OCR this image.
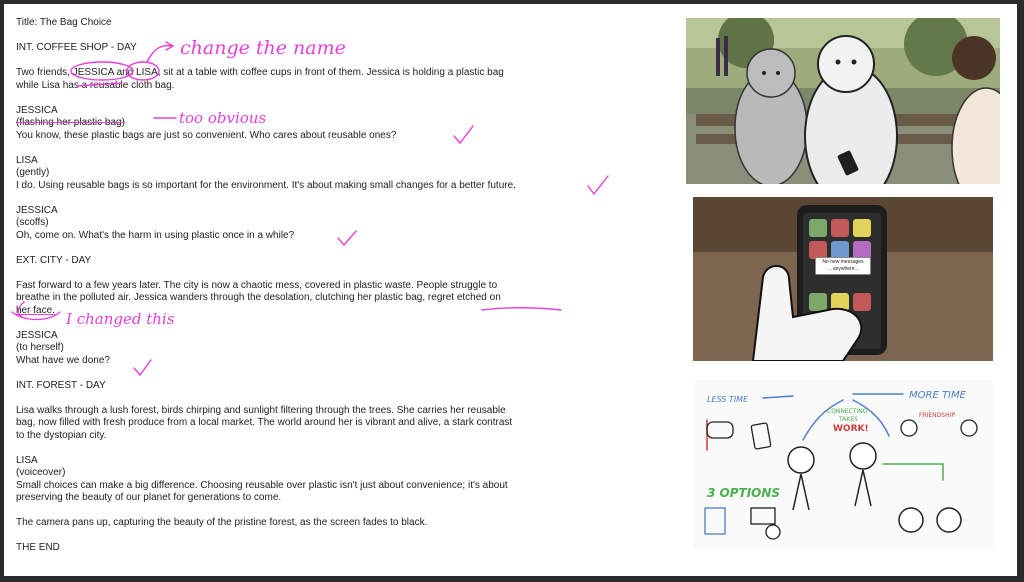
Title: The Bag Choice

INT. COFFEE SHOP - DAY

Two friends, JESSICA and LISA, sit at a table with coffee cups in front of them. Jessica is holding a plastic bag

while Lisa has a reusable cloth bag.

JESSICA

(flashing her plastic bag)

You know, these plastic bags are just so convenient. Who cares about reusable ones?

LISA

(gently)

I do. Using reusable bags is so important for the environment. It's about making small changes for a better future.

JESSICA

(scoffs)

Oh, come on. What's the harm in using plastic once in a while?

EXT. CITY - DAY

Fast forward to a few years later. The city is now a chaotic mess, covered in plastic waste. People struggle to

breathe in the polluted air. Jessica wanders through the desolation, clutching her plastic bag, regret etched on

her face.

JESSICA

(to herself)

What have we done?

INT. FOREST - DAY

Lisa walks through a lush forest, birds chirping and sunlight filtering through the trees. She carries her reusable

bag, now filled with fresh produce from a local market. The world around her is vibrant and alive, a stark contrast

to the dystopian city.

LISA

(voiceover)

Small choices can make a big difference. Choosing reusable over plastic isn't just about convenience; it's about

preserving the beauty of our planet for generations to come.

The camera pans up, capturing the beauty of the pristine forest, as the screen fades to black.

THE END

change the name
too obvious
I changed this
No new messages
... anywhere...
LESS TIME	MORE TIME
CONNECTING
TAKES
WORK!
FRIENDSHIP
3 OPTIONS
